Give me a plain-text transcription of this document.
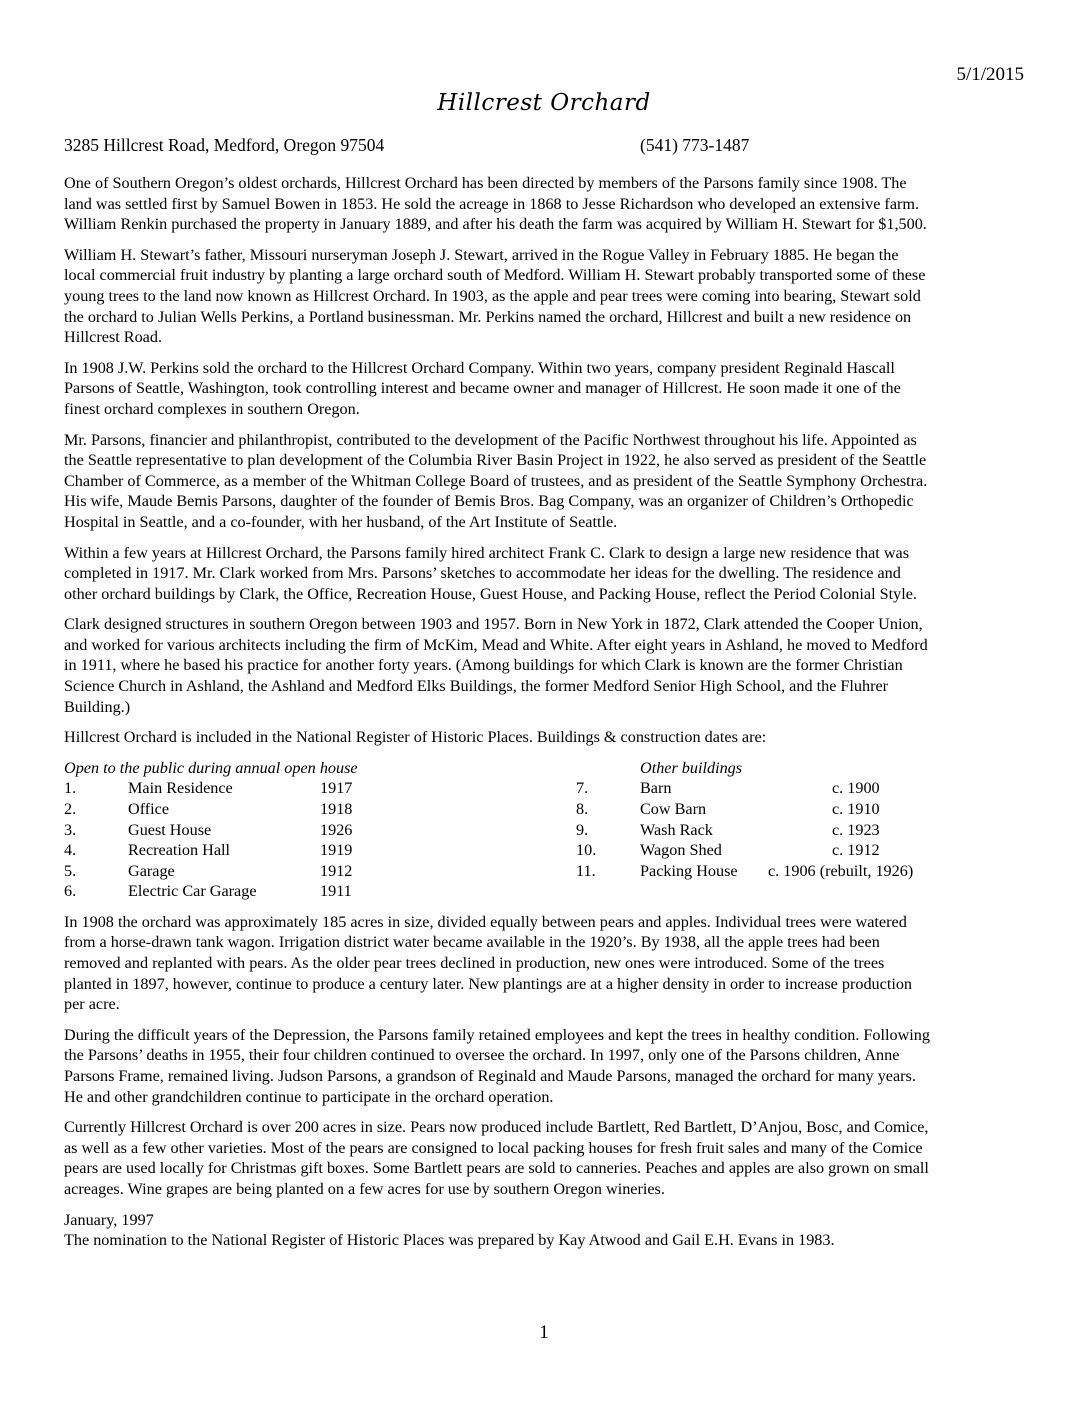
5/1/2015
Hillcrest Orchard
3285 Hillcrest Road, Medford, Oregon 97504	(541) 773-1487
One of Southern Oregon’s oldest orchards, Hillcrest Orchard has been directed by members of the Parsons family since 1908. The
land was settled first by Samuel Bowen in 1853. He sold the acreage in 1868 to Jesse Richardson who developed an extensive farm.
William Renkin purchased the property in January 1889, and after his death the farm was acquired by William H. Stewart for $1,500.
William H. Stewart’s father, Missouri nurseryman Joseph J. Stewart, arrived in the Rogue Valley in February 1885. He began the
local commercial fruit industry by planting a large orchard south of Medford. William H. Stewart probably transported some of these
young trees to the land now known as Hillcrest Orchard. In 1903, as the apple and pear trees were coming into bearing, Stewart sold
the orchard to Julian Wells Perkins, a Portland businessman. Mr. Perkins named the orchard, Hillcrest and built a new residence on
Hillcrest Road.
In 1908 J.W. Perkins sold the orchard to the Hillcrest Orchard Company. Within two years, company president Reginald Hascall
Parsons of Seattle, Washington, took controlling interest and became owner and manager of Hillcrest. He soon made it one of the
finest orchard complexes in southern Oregon.
Mr. Parsons, financier and philanthropist, contributed to the development of the Pacific Northwest throughout his life. Appointed as
the Seattle representative to plan development of the Columbia River Basin Project in 1922, he also served as president of the Seattle
Chamber of Commerce, as a member of the Whitman College Board of trustees, and as president of the Seattle Symphony Orchestra.
His wife, Maude Bemis Parsons, daughter of the founder of Bemis Bros. Bag Company, was an organizer of Children’s Orthopedic
Hospital in Seattle, and a co-founder, with her husband, of the Art Institute of Seattle.
Within a few years at Hillcrest Orchard, the Parsons family hired architect Frank C. Clark to design a large new residence that was
completed in 1917. Mr. Clark worked from Mrs. Parsons’ sketches to accommodate her ideas for the dwelling. The residence and
other orchard buildings by Clark, the Office, Recreation House, Guest House, and Packing House, reflect the Period Colonial Style.
Clark designed structures in southern Oregon between 1903 and 1957. Born in New York in 1872, Clark attended the Cooper Union,
and worked for various architects including the firm of McKim, Mead and White. After eight years in Ashland, he moved to Medford
in 1911, where he based his practice for another forty years. (Among buildings for which Clark is known are the former Christian
Science Church in Ashland, the Ashland and Medford Elks Buildings, the former Medford Senior High School, and the Fluhrer
Building.)
Hillcrest Orchard is included in the National Register of Historic Places. Buildings & construction dates are:
Open to the public during annual open house	Other buildings
1.	Main Residence	1917
2.	Office	1918
3.	Guest House	1926
4.	Recreation Hall	1919
5.	Garage	1912
6.	Electric Car Garage	1911
7.	Barn	c. 1900
8.	Cow Barn	c. 1910
9.	Wash Rack	c. 1923
10.	Wagon Shed	c. 1912
11.	Packing House c. 1906 (rebuilt, 1926)
In 1908 the orchard was approximately 185 acres in size, divided equally between pears and apples. Individual trees were watered
from a horse-drawn tank wagon. Irrigation district water became available in the 1920’s. By 1938, all the apple trees had been
removed and replanted with pears. As the older pear trees declined in production, new ones were introduced. Some of the trees
planted in 1897, however, continue to produce a century later. New plantings are at a higher density in order to increase production
per acre.
During the difficult years of the Depression, the Parsons family retained employees and kept the trees in healthy condition. Following
the Parsons’ deaths in 1955, their four children continued to oversee the orchard. In 1997, only one of the Parsons children, Anne
Parsons Frame, remained living. Judson Parsons, a grandson of Reginald and Maude Parsons, managed the orchard for many years.
He and other grandchildren continue to participate in the orchard operation.
Currently Hillcrest Orchard is over 200 acres in size. Pears now produced include Bartlett, Red Bartlett, D’Anjou, Bosc, and Comice,
as well as a few other varieties. Most of the pears are consigned to local packing houses for fresh fruit sales and many of the Comice
pears are used locally for Christmas gift boxes. Some Bartlett pears are sold to canneries. Peaches and apples are also grown on small
acreages. Wine grapes are being planted on a few acres for use by southern Oregon wineries.
January, 1997
The nomination to the National Register of Historic Places was prepared by Kay Atwood and Gail E.H. Evans in 1983.
1
